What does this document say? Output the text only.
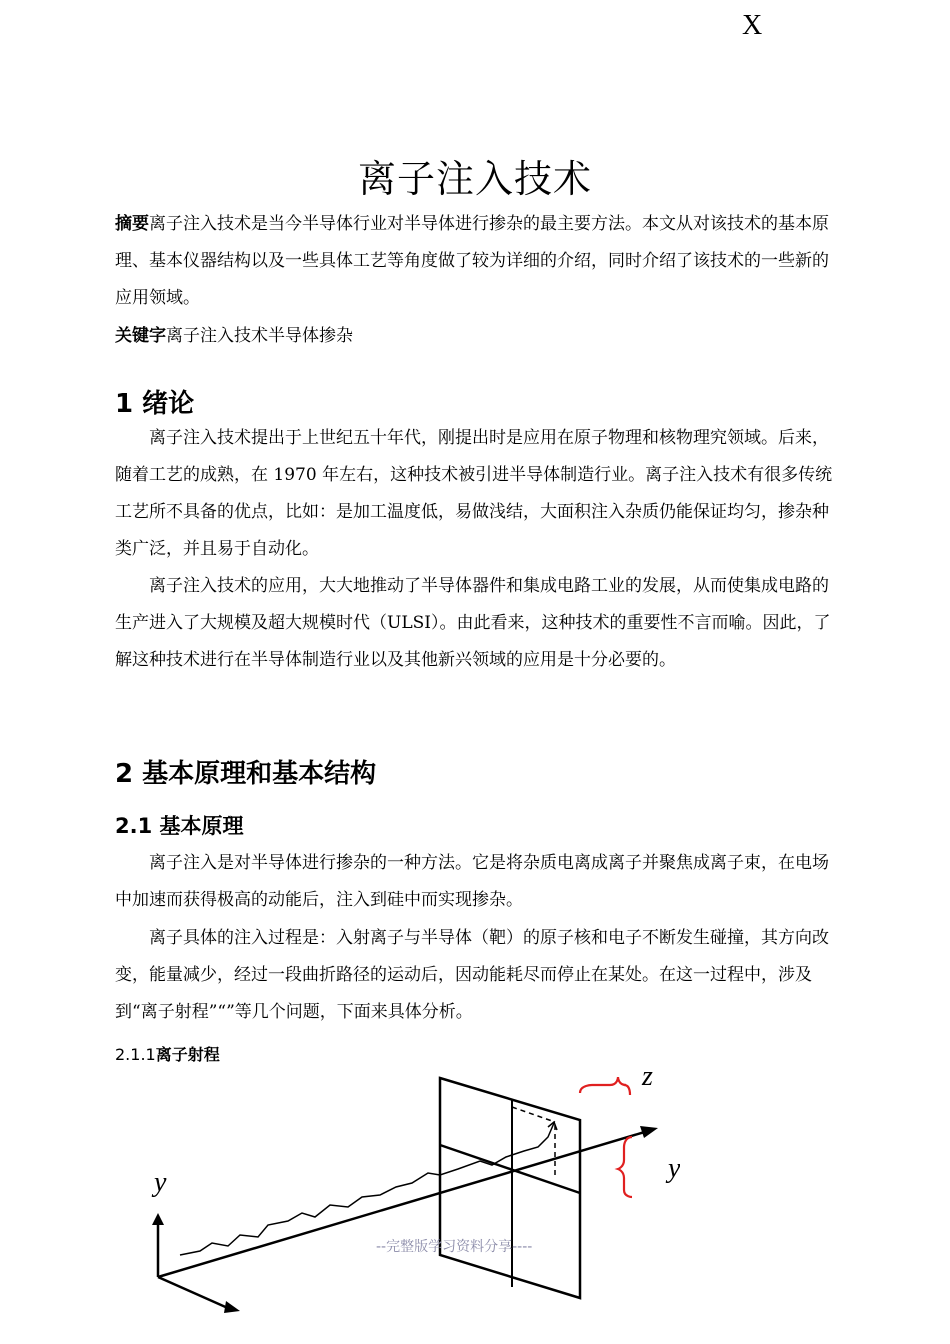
X
离子注入技术

摘要离子注入技术是当今半导体行业对半导体进行掺杂的最主要方法。本文从对该技术的基本原理、基本仪器结构以及一些具体工艺等角度做了较为详细的介绍，同时介绍了该技术的一些新的应用领域。

关键字离子注入技术半导体掺杂

1 绪论

离子注入技术提出于上世纪五十年代，刚提出时是应用在原子物理和核物理究领域。后来，随着工艺的成熟，在 1970 年左右，这种技术被引进半导体制造行业。离子注入技术有很多传统工艺所不具备的优点，比如：是加工温度低，易做浅结，大面积注入杂质仍能保证均匀，掺杂种类广泛，并且易于自动化。

离子注入技术的应用，大大地推动了半导体器件和集成电路工业的发展，从而使集成电路的生产进入了大规模及超大规模时代（ULSI）。由此看来，这种技术的重要性不言而喻。因此，了解这种技术进行在半导体制造行业以及其他新兴领域的应用是十分必要的。

2 基本原理和基本结构
2.1 基本原理

离子注入是对半导体进行掺杂的一种方法。它是将杂质电离成离子并聚焦成离子束，在电场中加速而获得极高的动能后，注入到硅中而实现掺杂。

离子具体的注入过程是：入射离子与半导体（靶）的原子核和电子不断发生碰撞，其方向改变，能量减少，经过一段曲折路径的运动后，因动能耗尽而停止在某处。在这一过程中，涉及到“离子射程”“”等几个问题，下面来具体分析。

2.1.1离子射程
z
y
y
--完整版学习资料分享----
